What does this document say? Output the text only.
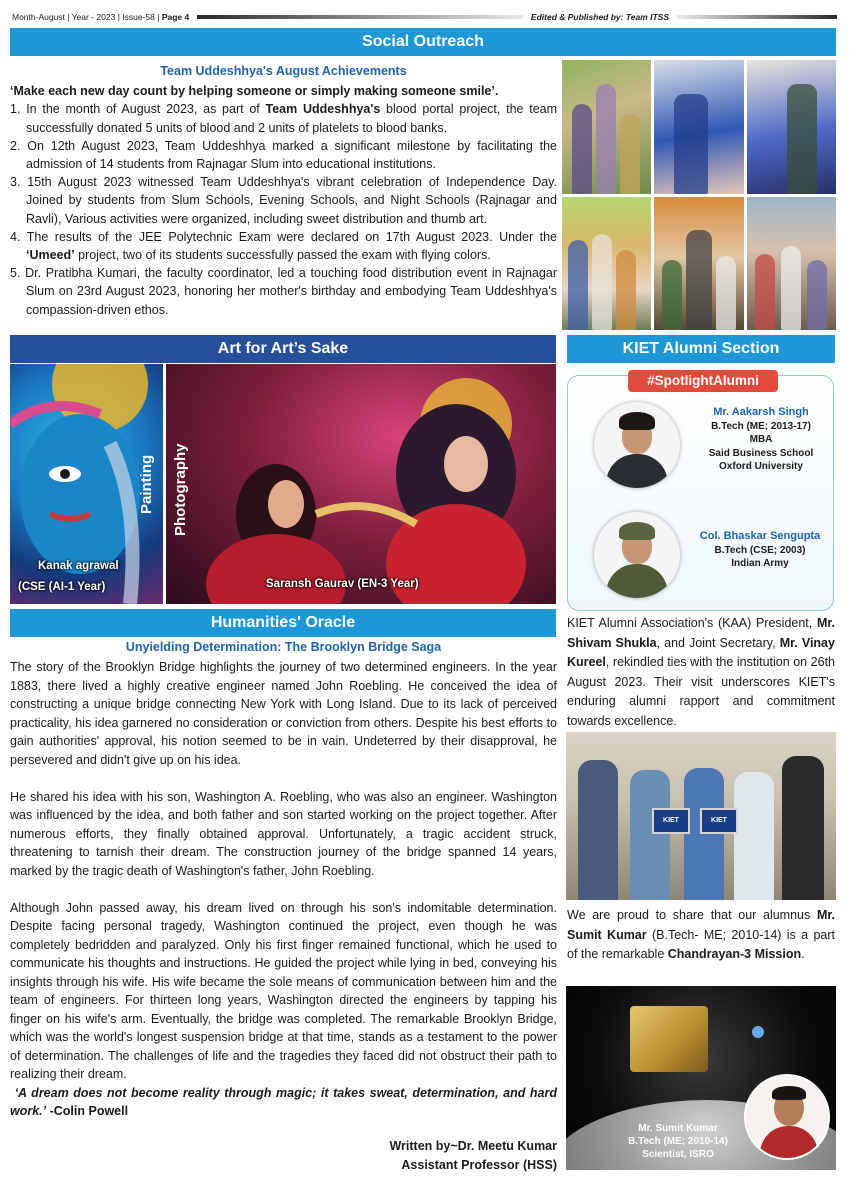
Month-August | Year - 2023 | Issue-58 | Page 4	Edited & Published by: Team ITSS
Social Outreach
Team Uddeshhya's August Achievements
‘Make each new day count by helping someone or simply making someone smile’.
1. In the month of August 2023, as part of Team Uddeshhya's blood portal project, the team successfully donated 5 units of blood and 2 units of platelets to blood banks.
2. On 12th August 2023, Team Uddeshhya marked a significant milestone by facilitating the admission of 14 students from Rajnagar Slum into educational institutions.
3. 15th August 2023 witnessed Team Uddeshhya's vibrant celebration of Independence Day. Joined by students from Slum Schools, Evening Schools, and Night Schools (Rajnagar and Ravli), Various activities were organized, including sweet distribution and thumb art.
4. The results of the JEE Polytechnic Exam were declared on 17th August 2023. Under the ‘Umeed’ project, two of its students successfully passed the exam with flying colors.
5. Dr. Pratibha Kumari, the faculty coordinator, led a touching food distribution event in Rajnagar Slum on 23rd August 2023, honoring her mother's birthday and embodying Team Uddeshhya's compassion-driven ethos.
Art for Art’s Sake
Painting
Kanak agrawal
(CSE (AI-1 Year)
Photography
Saransh Gaurav (EN-3 Year)
Humanities' Oracle
Unyielding Determination: The Brooklyn Bridge Saga

The story of the Brooklyn Bridge highlights the journey of two determined engineers. In the year 1883, there lived a highly creative engineer named John Roebling. He conceived the idea of constructing a unique bridge connecting New York with Long Island. Due to its lack of perceived practicality, his idea garnered no consideration or conviction from others. Despite his best efforts to gain authorities' approval, his notion seemed to be in vain. Undeterred by their disapproval, he persevered and didn't give up on his idea.

He shared his idea with his son, Washington A. Roebling, who was also an engineer. Washington was influenced by the idea, and both father and son started working on the project together. After numerous efforts, they finally obtained approval. Unfortunately, a tragic accident struck, threatening to tarnish their dream. The construction journey of the bridge spanned 14 years, marked by the tragic death of Washington's father, John Roebling.

Although John passed away, his dream lived on through his son's indomitable determination. Despite facing personal tragedy, Washington continued the project, even though he was completely bedridden and paralyzed. Only his first finger remained functional, which he used to communicate his thoughts and instructions. He guided the project while lying in bed, conveying his insights through his wife. His wife became the sole means of communication between him and the team of engineers. For thirteen long years, Washington directed the engineers by tapping his finger on his wife's arm. Eventually, the bridge was completed. The remarkable Brooklyn Bridge, which was the world's longest suspension bridge at that time, stands as a testament to the power of determination. The challenges of life and the tragedies they faced did not obstruct their path to realizing their dream.

‘A dream does not become reality through magic; it takes sweat, determination, and hard work.’ -Colin Powell
Written by~Dr. Meetu Kumar
Assistant Professor (HSS)
KIET Alumni Section
#SpotlightAlumni
Mr. Aakarsh Singh
B.Tech (ME; 2013-17)
MBA
Said Business School
Oxford University
Col. Bhaskar Sengupta
B.Tech (CSE; 2003)
Indian Army
KIET Alumni Association's (KAA) President, Mr. Shivam Shukla, and Joint Secretary, Mr. Vinay Kureel, rekindled ties with the institution on 26th August 2023. Their visit underscores KIET's enduring alumni rapport and commitment towards excellence.
KIET	KIET
We are proud to share that our alumnus Mr. Sumit Kumar (B.Tech- ME; 2010-14) is a part of the remarkable Chandrayan-3 Mission.
Mr. Sumit Kumar
B.Tech (ME; 2010-14)
Scientist, ISRO
